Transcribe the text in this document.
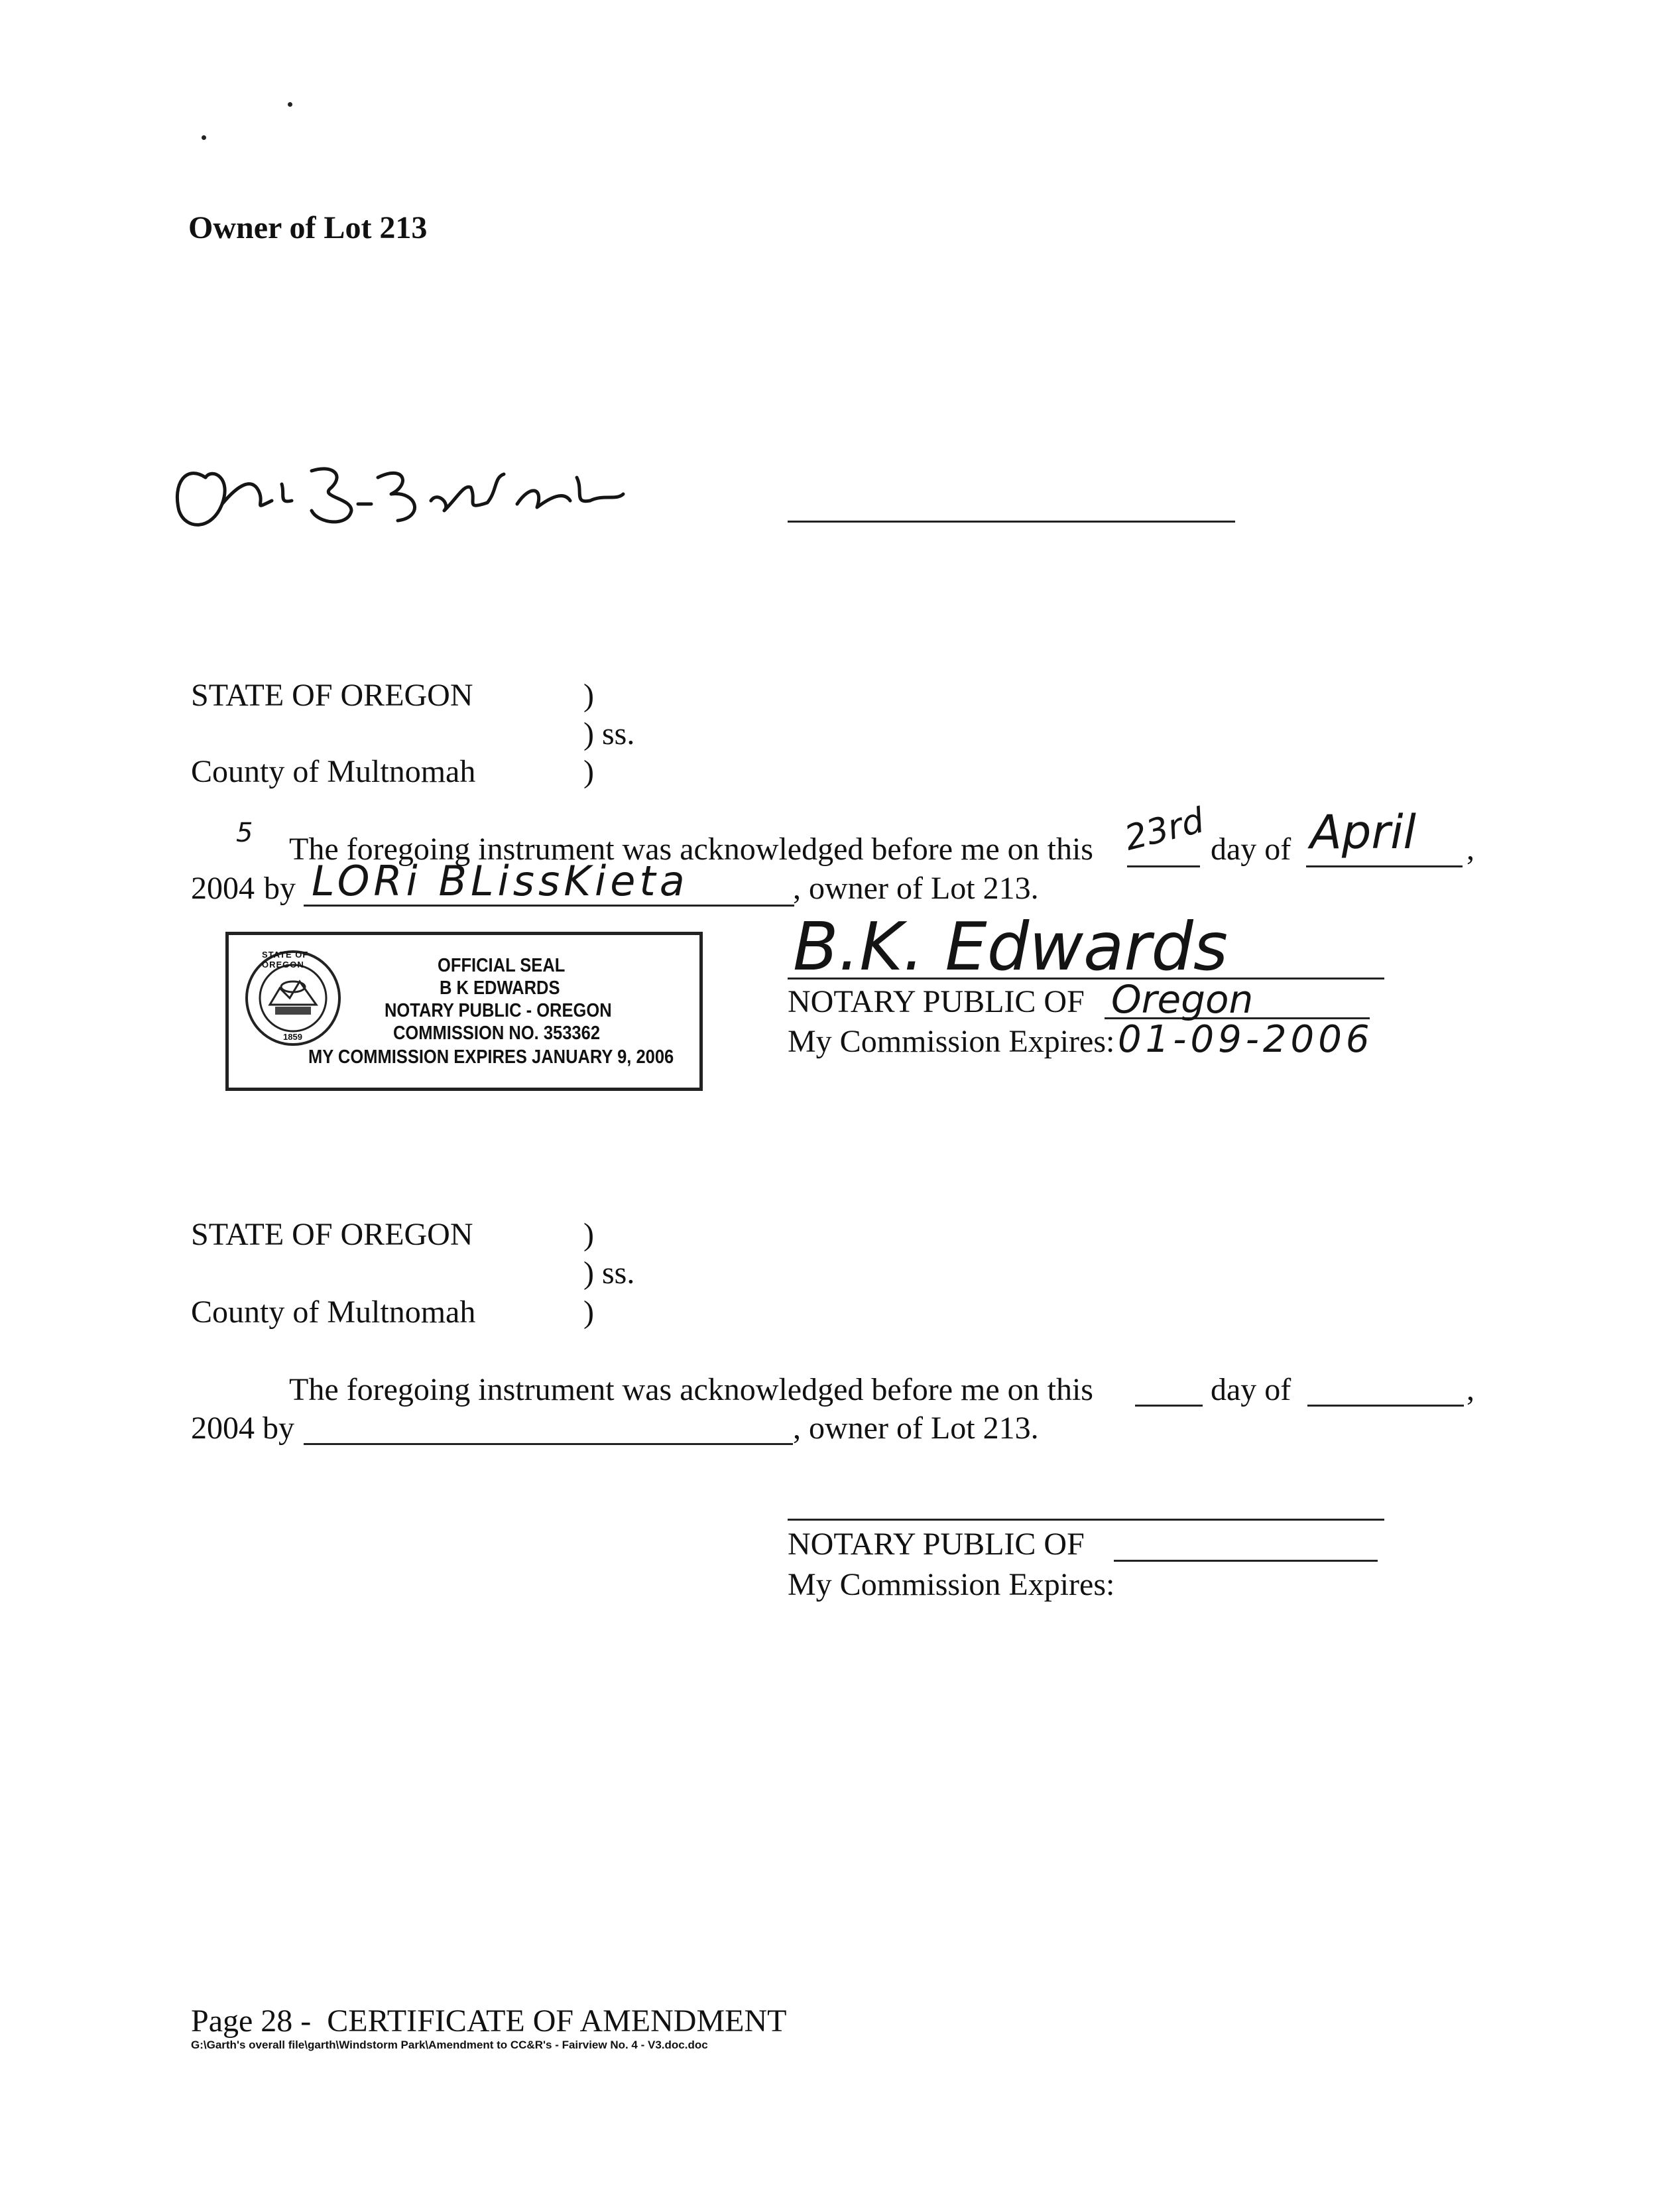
Owner of Lot 213
STATE OF OREGON	)
) ss.
County of Multnomah	)
5 The foregoing instrument was acknowledged before me on this 23rd day of April ,
2004 by LORi BLissKieta	, owner of Lot 213.
STATE OF OREGON
1859
OFFICIAL SEAL
B K EDWARDS
NOTARY PUBLIC - OREGON
COMMISSION NO. 353362
MY COMMISSION EXPIRES JANUARY 9, 2006
B.K. Edwards
NOTARY PUBLIC OF Oregon
My Commission Expires: 01-09-2006
STATE OF OREGON	)
) ss.
County of Multnomah	)
The foregoing instrument was acknowledged before me on this	day of	,
2004 by	, owner of Lot 213.
NOTARY PUBLIC OF
My Commission Expires:
Page 28 -  CERTIFICATE OF AMENDMENT
G:\Garth's overall file\garth\Windstorm Park\Amendment to CC&R's - Fairview No. 4 - V3.doc.doc
